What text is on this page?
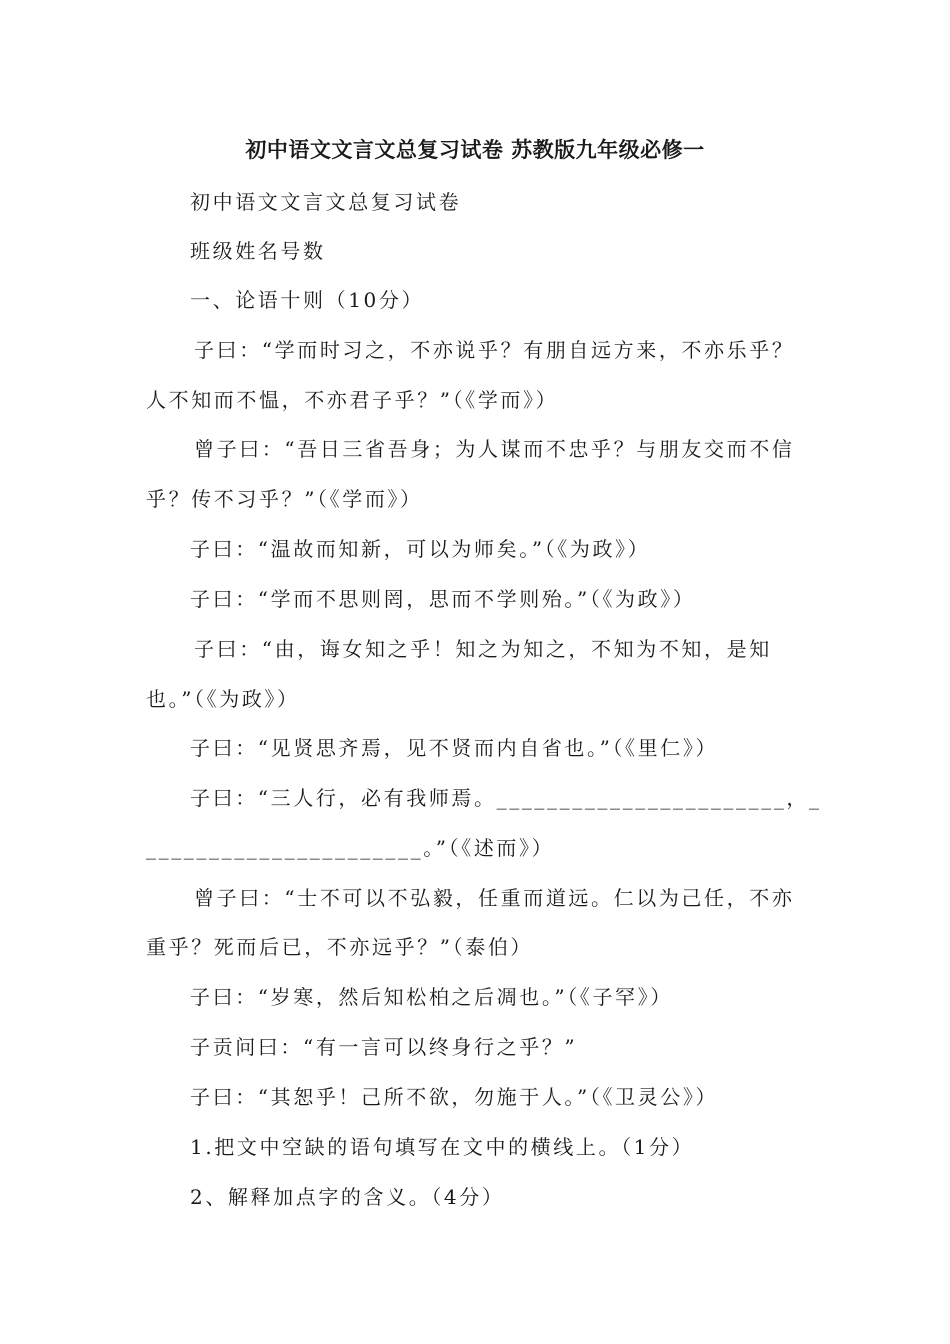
初中语文文言文总复习试卷 苏教版九年级必修一
初中语文文言文总复习试卷
班级姓名号数
一、论语十则（10分）
子曰：“学而时习之，不亦说乎？有朋自远方来，不亦乐乎？
人不知而不愠，不亦君子乎？”（《学而》）
曾子曰：“吾日三省吾身；为人谋而不忠乎？与朋友交而不信
乎？传不习乎？”（《学而》）
子曰：“温故而知新，可以为师矣。”（《为政》）
子曰：“学而不思则罔，思而不学则殆。”（《为政》）
子曰：“由，诲女知之乎！知之为知之，不知为不知，是知
也。”（《为政》）
子曰：“见贤思齐焉，见不贤而内自省也。”（《里仁》）
子曰：“三人行，必有我师焉。_______________________，_
______________________。”（《述而》）
曾子曰：“士不可以不弘毅，任重而道远。仁以为己任，不亦
重乎？死而后已，不亦远乎？”（泰伯）
子曰：“岁寒，然后知松柏之后凋也。”（《子罕》）
子贡问曰：“有一言可以终身行之乎？”
子曰：“其恕乎！己所不欲，勿施于人。”（《卫灵公》）
1.把文中空缺的语句填写在文中的横线上。（1分）
2、解释加点字的含义。（4分）
